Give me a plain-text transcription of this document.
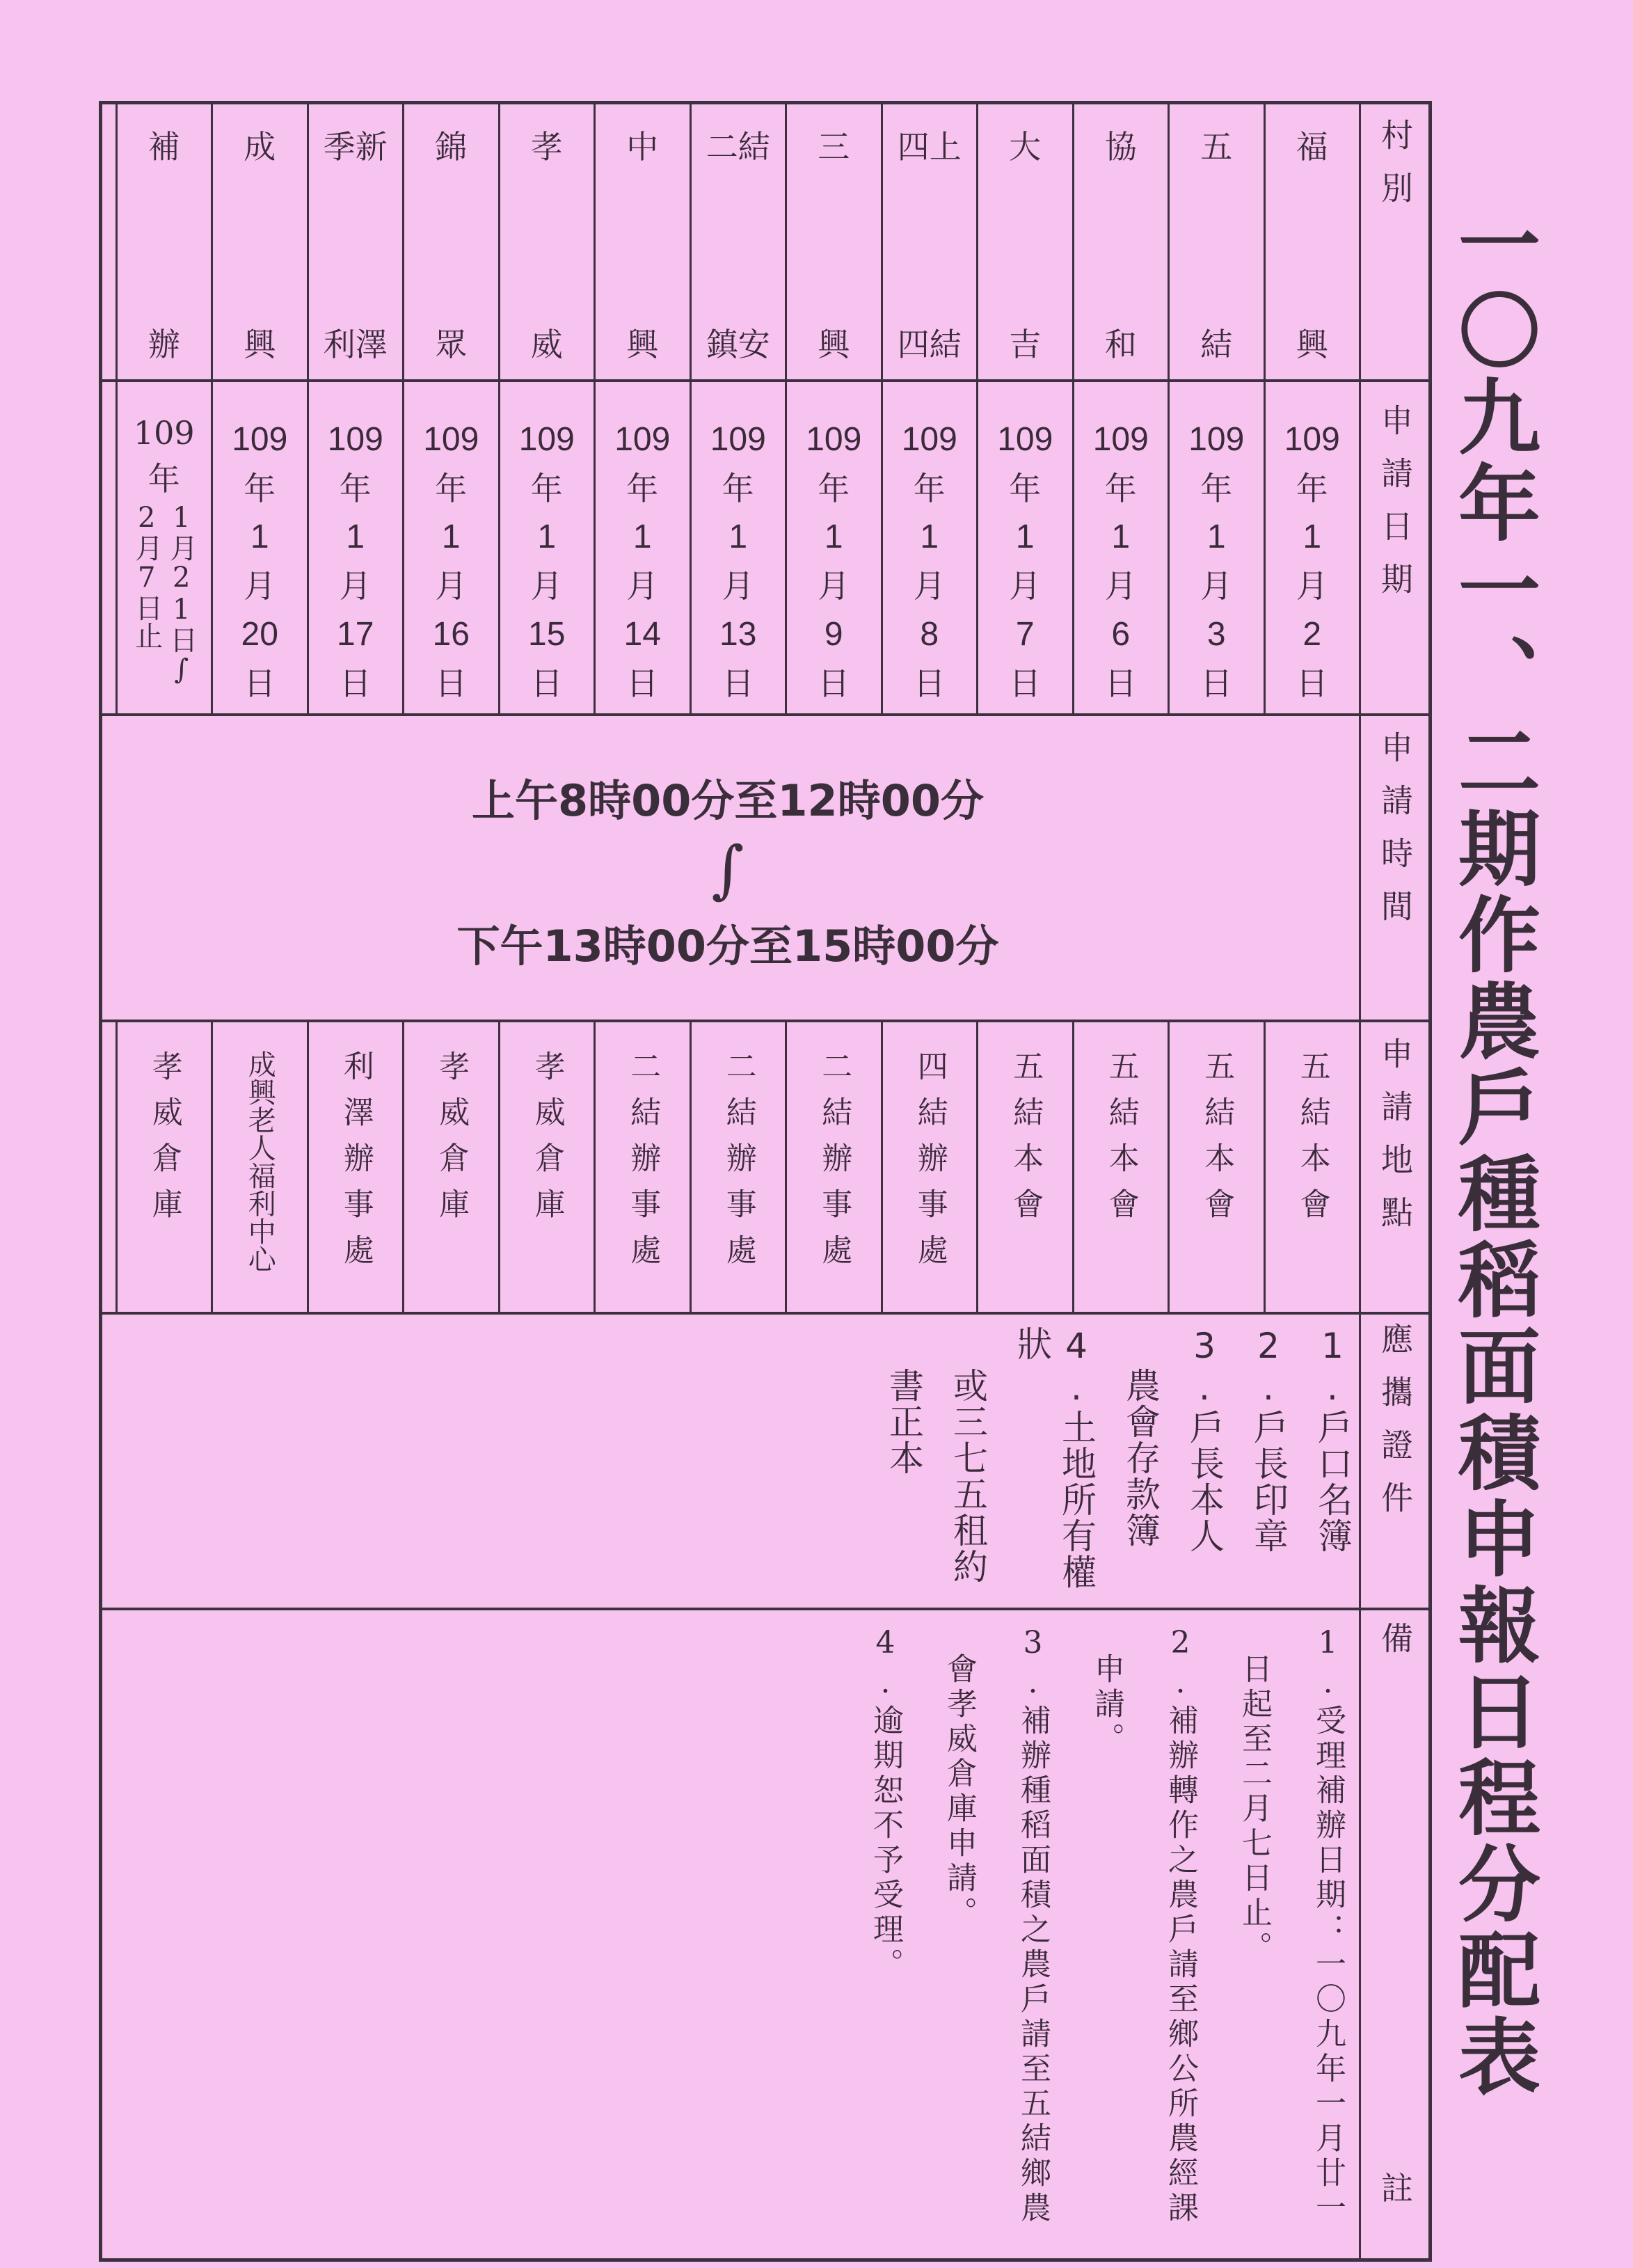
一〇九年一、二期作農戶種稻面積申報日程分配表
村別
申請日期
申請時間
申請地點
應攜證件
備
註
福
興
109
年
1
月
2
日
五結本會
五
結
109
年
1
月
3
日
五結本會
協
和
109
年
1
月
6
日
五結本會
大
吉
109
年
1
月
7
日
五結本會
四上
四結
109
年
1
月
8
日
四結辦事處
三
興
109
年
1
月
9
日
二結辦事處
二結
鎮安
109
年
1
月
13
日
二結辦事處
中
興
109
年
1
月
14
日
二結辦事處
孝
威
109
年
1
月
15
日
孝威倉庫
錦
眾
109
年
1
月
16
日
孝威倉庫
季新
利澤
109
年
1
月
17
日
利澤辦事處
成
興
109
年
1
月
20
日
成興老人福利中心
補
辦
109
年
1月21日∫
2月7日止
孝威倉庫
上午8時00分至12時00分
∫
下午13時00分至15時00分
1.戶口名簿
2.戶長印章
3.戶長本人
農會存款簿
4.土地所有權狀
或三七五租約
書正本
1.受理補辦日期：一〇九年一月廿一
日起至二月七日止。
2.補辦轉作之農戶請至鄉公所農經課
申請。
3.補辦種稻面積之農戶請至五結鄉農
會孝威倉庫申請。
4.逾期恕不予受理。
